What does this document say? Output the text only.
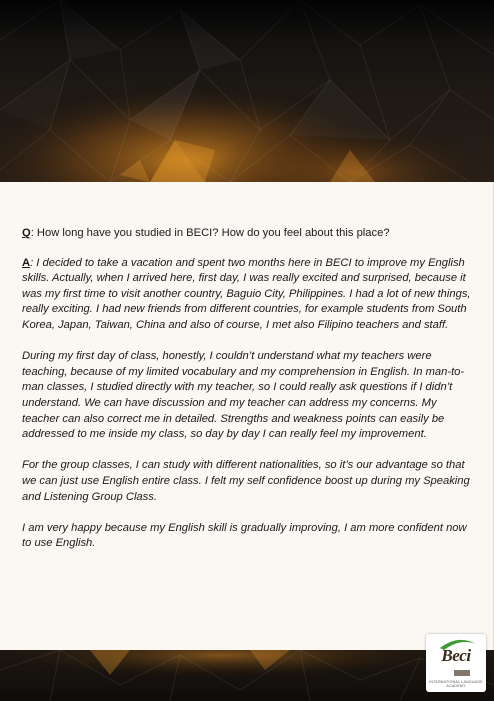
Q: How long have you studied in BECI? How do you feel about this place?

A: I decided to take a vacation and spent two months here in BECI to improve my English skills. Actually, when I arrived here, first day, I was really excited and surprised, because it was my first time to visit another country, Baguio City, Philippines. I had a lot of new things, really exciting. I had new friends from different countries, for example students from South Korea, Japan, Taiwan, China and also of course, I met also Filipino teachers and staff.

During my first day of class, honestly, I couldn’t understand what my teachers were teaching, because of my limited vocabulary and my comprehension in English. In man-to-man classes, I studied directly with my teacher, so I could really ask questions if I didn’t understand. We can have discussion and my teacher can address my concerns. My teacher can also correct me in detailed. Strengths and weakness points can easily be addressed to me inside my class, so day by day I can really feel my improvement.

For the group classes, I can study with different nationalities, so it’s our advantage so that we can just use English entire class. I felt my self confidence boost up during my Speaking and Listening Group Class.

I am very happy because my English skill is gradually improving, I am more confident now to use English.

Beci
INTERNATIONAL LANGUAGE ACADEMY
